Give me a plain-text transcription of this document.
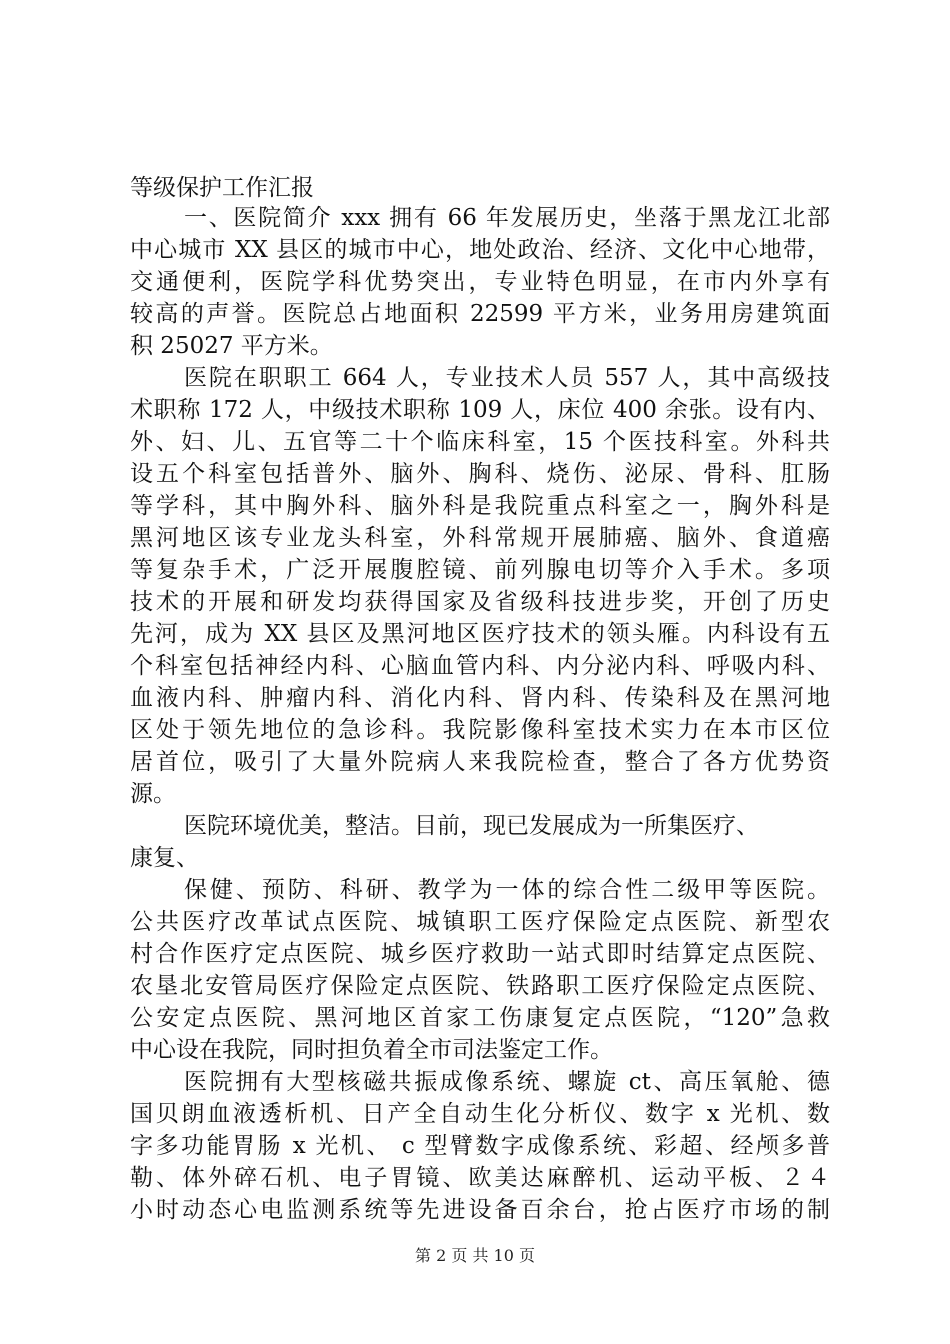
等级保护工作汇报
一、医院简介 xxx 拥有 66 年发展历史，坐落于黑龙江北部
中心城市 XX 县区的城市中心，地处政治、经济、文化中心地带，
交通便利，医院学科优势突出，专业特色明显，在市内外享有
较高的声誉。医院总占地面积 22599 平方米，业务用房建筑面
积 25027 平方米。
医院在职职工 664 人，专业技术人员 557 人，其中高级技
术职称 172 人，中级技术职称 109 人，床位 400 余张。设有内、
外、妇、儿、五官等二十个临床科室，15 个医技科室。外科共
设五个科室包括普外、脑外、胸科、烧伤、泌尿、骨科、肛肠
等学科，其中胸外科、脑外科是我院重点科室之一，胸外科是
黑河地区该专业龙头科室，外科常规开展肺癌、脑外、食道癌
等复杂手术，广泛开展腹腔镜、前列腺电切等介入手术。多项
技术的开展和研发均获得国家及省级科技进步奖，开创了历史
先河，成为 XX 县区及黑河地区医疗技术的领头雁。内科设有五
个科室包括神经内科、心脑血管内科、内分泌内科、呼吸内科、
血液内科、肿瘤内科、消化内科、肾内科、传染科及在黑河地
区处于领先地位的急诊科。我院影像科室技术实力在本市区位
居首位，吸引了大量外院病人来我院检查，整合了各方优势资
源。
医院环境优美，整洁。目前，现已发展成为一所集医疗、
康复、
保健、预防、科研、教学为一体的综合性二级甲等医院。
公共医疗改革试点医院、城镇职工医疗保险定点医院、新型农
村合作医疗定点医院、城乡医疗救助一站式即时结算定点医院、
农垦北安管局医疗保险定点医院、铁路职工医疗保险定点医院、
公安定点医院、黑河地区首家工伤康复定点医院，“120”急救
中心设在我院，同时担负着全市司法鉴定工作。
医院拥有大型核磁共振成像系统、螺旋 ct、高压氧舱、德
国贝朗血液透析机、日产全自动生化分析仪、数字 x 光机、数
字多功能胃肠 x 光机、 c 型臂数字成像系统、彩超、经颅多普
勒、体外碎石机、电子胃镜、欧美达麻醉机、运动平板、２４
小时动态心电监测系统等先进设备百余台，抢占医疗市场的制
第 2 页 共 10 页
